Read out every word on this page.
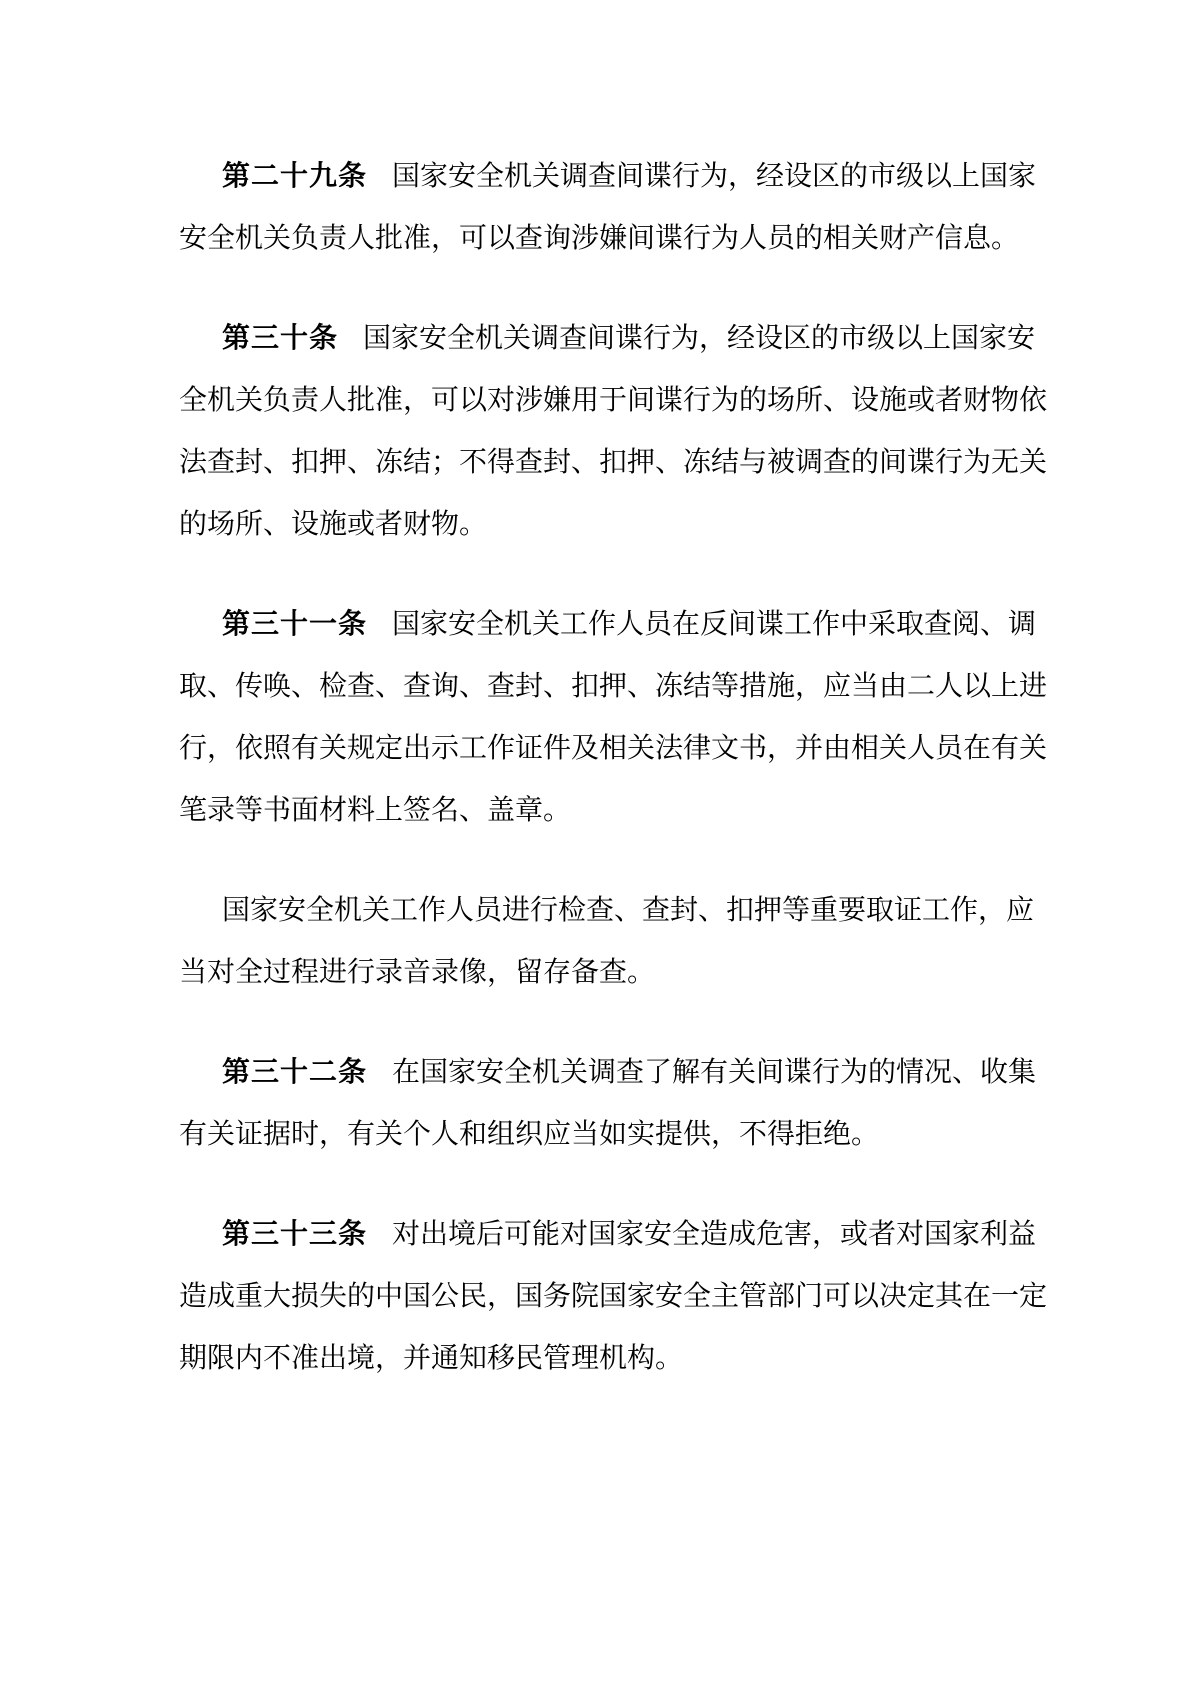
第二十九条 国家安全机关调查间谍行为，经设区的市级以上国家
安全机关负责人批准，可以查询涉嫌间谍行为人员的相关财产信息。
第三十条 国家安全机关调查间谍行为，经设区的市级以上国家安
全机关负责人批准，可以对涉嫌用于间谍行为的场所、设施或者财物依
法查封、扣押、冻结；不得查封、扣押、冻结与被调查的间谍行为无关
的场所、设施或者财物。
第三十一条 国家安全机关工作人员在反间谍工作中采取查阅、调
取、传唤、检查、查询、查封、扣押、冻结等措施，应当由二人以上进
行，依照有关规定出示工作证件及相关法律文书，并由相关人员在有关
笔录等书面材料上签名、盖章。
国家安全机关工作人员进行检查、查封、扣押等重要取证工作，应
当对全过程进行录音录像，留存备查。
第三十二条 在国家安全机关调查了解有关间谍行为的情况、收集
有关证据时，有关个人和组织应当如实提供，不得拒绝。
第三十三条 对出境后可能对国家安全造成危害，或者对国家利益
造成重大损失的中国公民，国务院国家安全主管部门可以决定其在一定
期限内不准出境，并通知移民管理机构。
